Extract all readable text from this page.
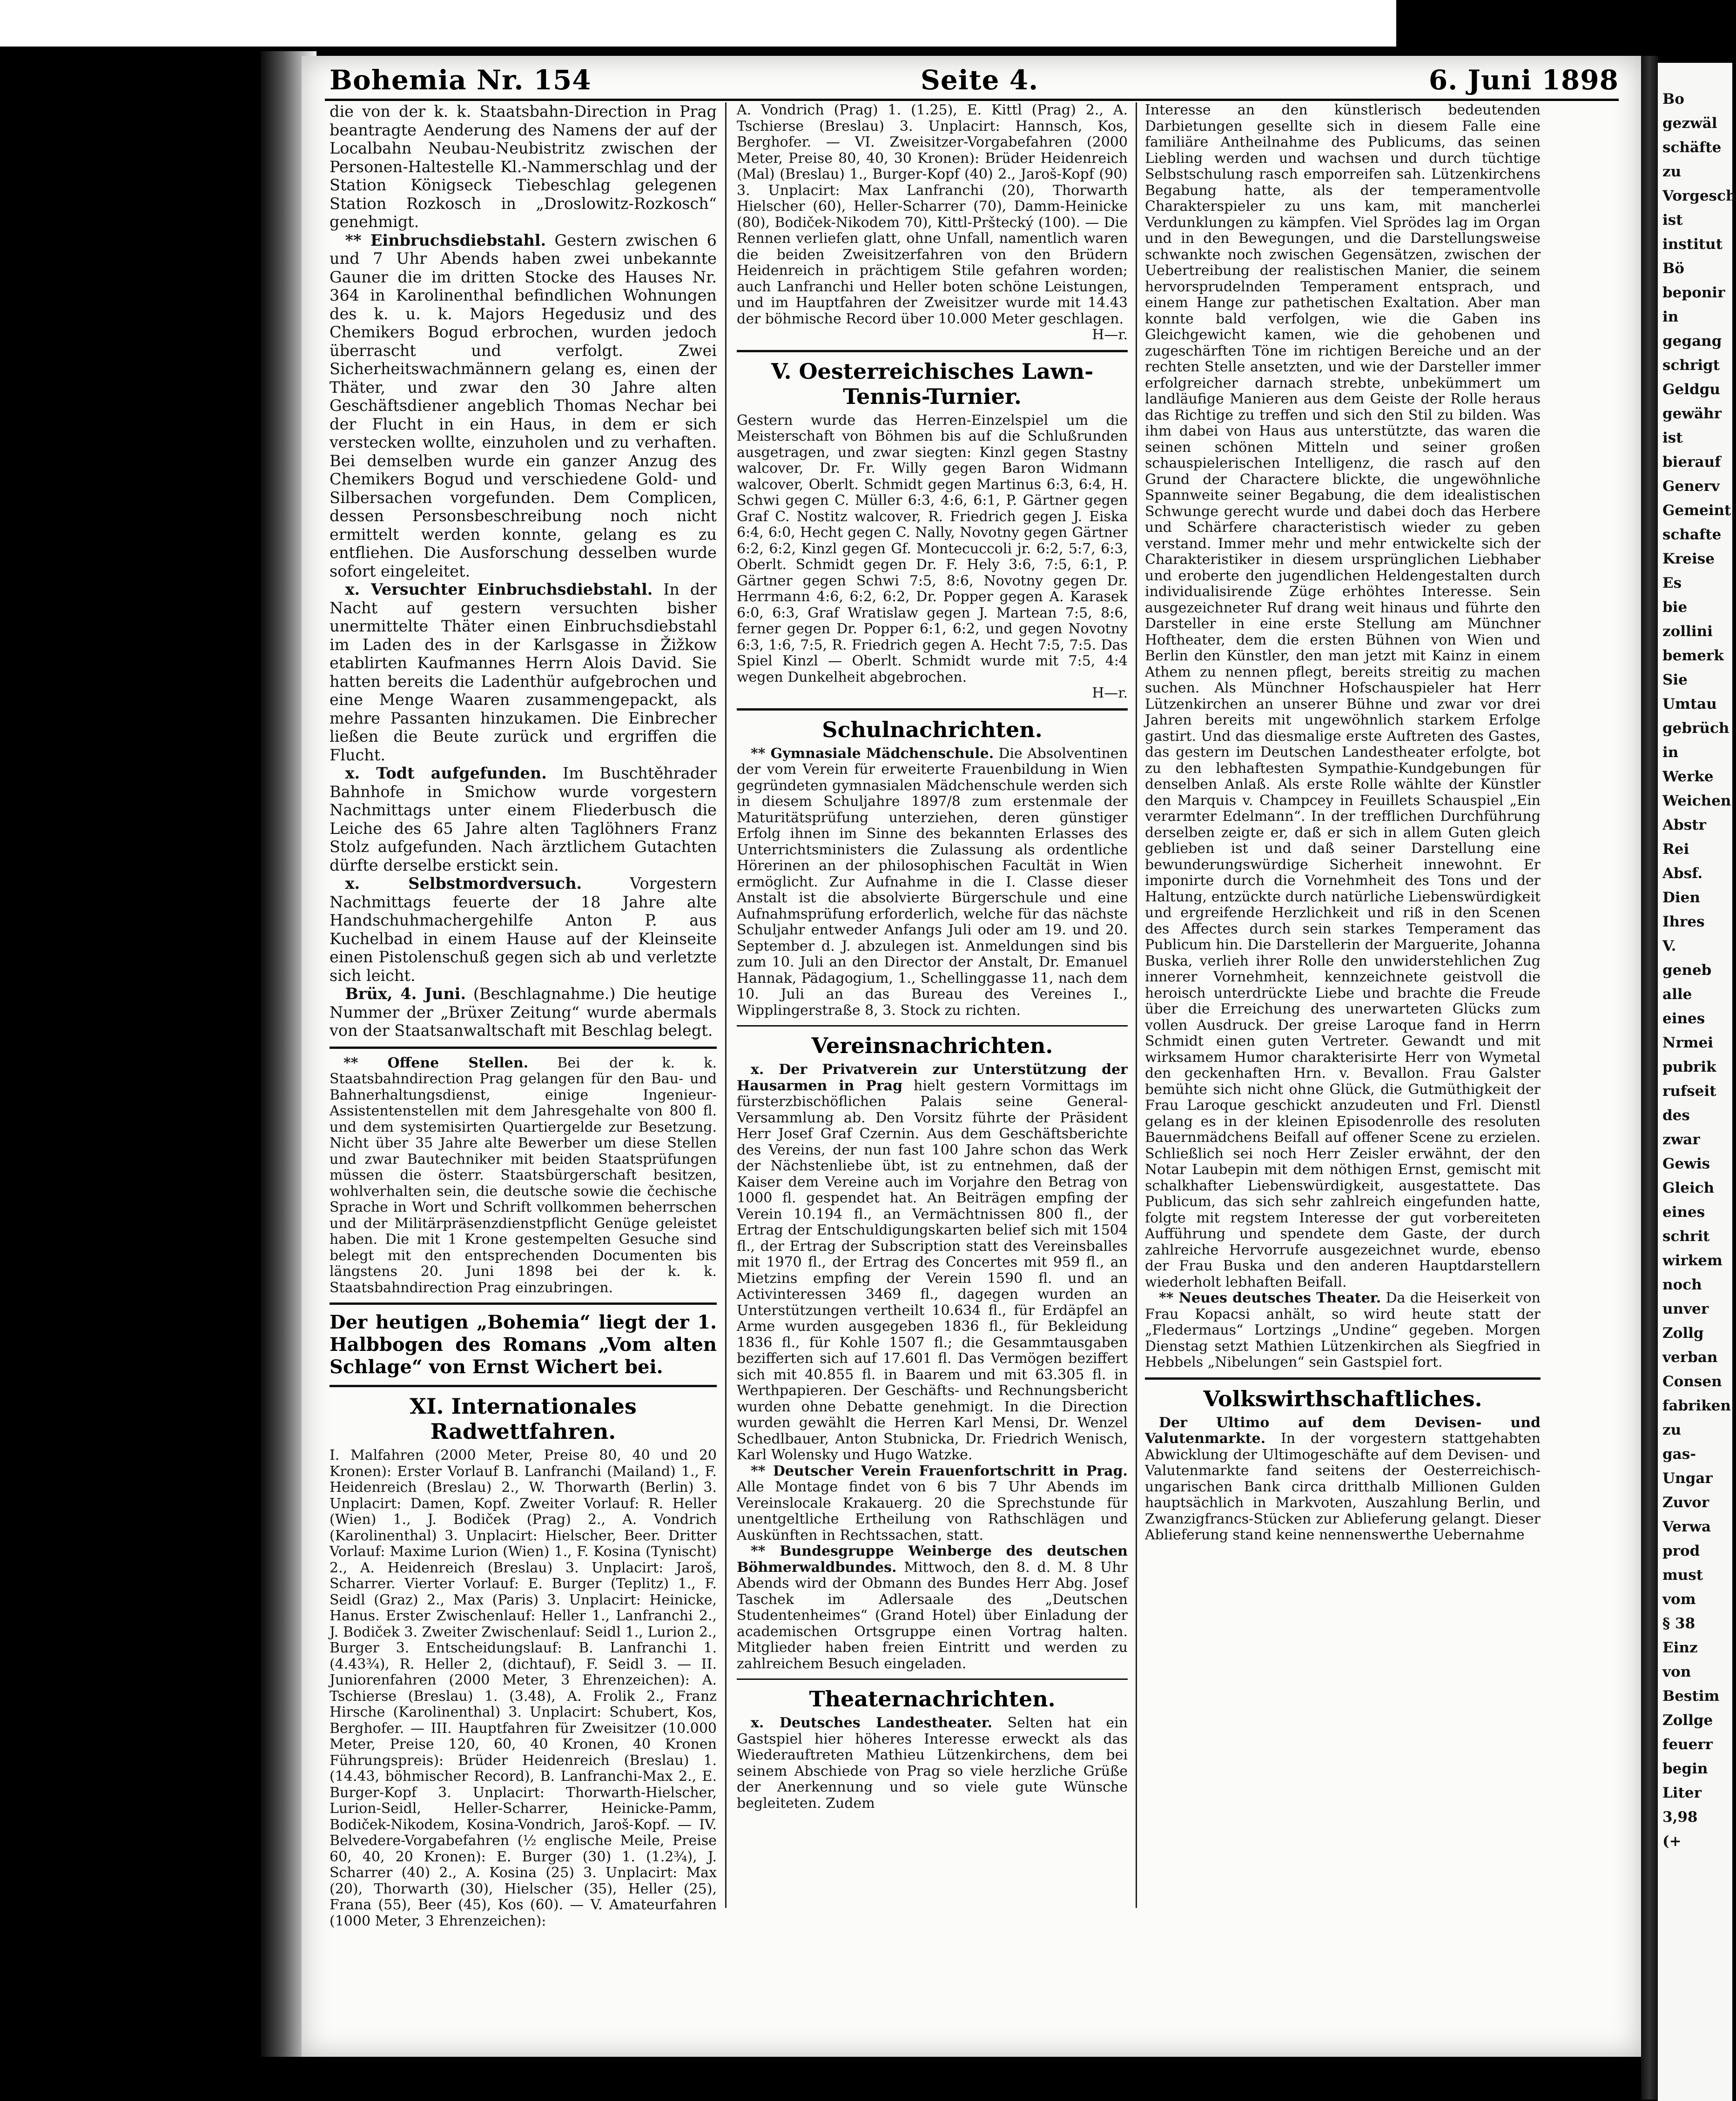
Bohemia Nr. 154	Seite 4.	6. Juni 1898

die von der k. k. Staatsbahn-Direction in Prag beantragte Aenderung des Namens der auf der Localbahn Neubau-Neubistritz zwischen der Personen-Haltestelle Kl.-Nammerschlag und der Station Königseck Tiebeschlag gelegenen Station Rozkosch in „Droslowitz-Rozkosch“ genehmigt.

 ** Einbruchsdiebstahl. Gestern zwischen 6 und 7 Uhr Abends haben zwei unbekannte Gauner die im dritten Stocke des Hauses Nr. 364 in Karolinenthal befindlichen Wohnungen des k. u. k. Majors Hegedusiz und des Chemikers Bogud erbrochen, wurden jedoch überrascht und verfolgt. Zwei Sicherheitswachmännern gelang es, einen der Thäter, und zwar den 30 Jahre alten Geschäftsdiener angeblich Thomas Nechar bei der Flucht in ein Haus, in dem er sich verstecken wollte, einzuholen und zu verhaften. Bei demselben wurde ein ganzer Anzug des Chemikers Bogud und verschiedene Gold- und Silbersachen vorgefunden. Dem Complicen, dessen Personsbeschreibung noch nicht ermittelt werden konnte, gelang es zu entfliehen. Die Ausforschung desselben wurde sofort eingeleitet.

 x. Versuchter Einbruchsdiebstahl. In der Nacht auf gestern versuchten bisher unermittelte Thäter einen Einbruchsdiebstahl im Laden des in der Karlsgasse in Žižkow etablirten Kaufmannes Herrn Alois David. Sie hatten bereits die Ladenthür aufgebrochen und eine Menge Waaren zusammengepackt, als mehre Passanten hinzukamen. Die Einbrecher ließen die Beute zurück und ergriffen die Flucht.

 x. Todt aufgefunden. Im Buschtěhrader Bahnhofe in Smichow wurde vorgestern Nachmittags unter einem Fliederbusch die Leiche des 65 Jahre alten Taglöhners Franz Stolz aufgefunden. Nach ärztlichem Gutachten dürfte derselbe erstickt sein.

 x. Selbstmordversuch.	Vorgestern Nachmittags feuerte der 18 Jahre alte Handschuhmachergehilfe Anton P. aus Kuchelbad in einem Hause auf der Kleinseite einen Pistolenschuß gegen sich ab und verletzte sich leicht.

 Brüx, 4. Juni. (Beschlagnahme.) Die heutige Nummer der „Brüxer Zeitung“ wurde abermals von der Staatsanwaltschaft mit Beschlag belegt.

 ** Offene Stellen. Bei der k. k. Staatsbahndirection Prag gelangen für den Bau- und Bahnerhaltungsdienst, einige Ingenieur-Assistentenstellen mit dem Jahresgehalte von 800 fl. und dem systemisirten Quartiergelde zur Besetzung. Nicht über 35 Jahre alte Bewerber um diese Stellen und zwar Bautechniker mit beiden Staatsprüfungen müssen die österr. Staatsbürgerschaft besitzen, wohlverhalten sein, die deutsche sowie die čechische Sprache in Wort und Schrift vollkommen beherrschen und der Militärpräsenzdienstpflicht Genüge geleistet haben. Die mit 1 Krone gestempelten Gesuche sind belegt mit den entsprechenden Documenten bis längstens 20. Juni 1898 bei der k. k. Staatsbahndirection Prag einzubringen.

Der heutigen „Bohemia“ liegt der 1. Halbbogen des Romans „Vom alten Schlage“ von Ernst Wichert bei.

XI. Internationales Radwettfahren.

I. Malfahren (2000 Meter, Preise 80, 40 und 20 Kronen): Erster Vorlauf B. Lanfranchi (Mailand) 1., F. Heidenreich (Breslau) 2., W. Thorwarth (Berlin) 3. Unplacirt: Damen, Kopf. Zweiter Vorlauf: R. Heller (Wien) 1., J. Bodiček (Prag) 2., A. Vondrich (Karolinenthal) 3. Unplacirt: Hielscher, Beer. Dritter Vorlauf: Maxime Lurion (Wien) 1., F. Kosina (Tynischt) 2., A. Heidenreich (Breslau) 3. Unplacirt: Jaroš, Scharrer. Vierter Vorlauf: E. Burger (Teplitz) 1., F. Seidl (Graz) 2., Max (Paris) 3. Unplacirt: Heinicke, Hanus. Erster Zwischenlauf: Heller 1., Lanfranchi 2., J. Bodiček 3. Zweiter Zwischenlauf: Seidl 1., Lurion 2., Burger 3. Entscheidungslauf: B. Lanfranchi 1. (4.43¾), R. Heller 2, (dichtauf), F. Seidl 3. — II. Juniorenfahren (2000 Meter, 3 Ehrenzeichen): A. Tschierse (Breslau) 1. (3.48), A. Frolik 2., Franz Hirsche (Karolinenthal) 3. Unplacirt: Schubert, Kos, Berghofer. — III. Hauptfahren für Zweisitzer (10.000 Meter, Preise 120, 60, 40 Kronen, 40 Kronen Führungspreis): Brüder Heidenreich (Breslau) 1. (14.43, böhmischer Record), B. Lanfranchi-Max 2., E. Burger-Kopf 3. Unplacirt: Thorwarth-Hielscher, Lurion-Seidl, Heller-Scharrer, Heinicke-Pamm, Bodiček-Nikodem, Kosina-Vondrich, Jaroš-Kopf. — IV. Belvedere-Vorgabefahren (½ englische Meile, Preise 60, 40, 20 Kronen): E. Burger (30) 1. (1.2¾), J. Scharrer (40) 2., A. Kosina (25) 3. Unplacirt: Max (20), Thorwarth (30), Hielscher (35), Heller (25), Frana (55), Beer (45), Kos (60). — V. Amateurfahren (1000 Meter, 3 Ehrenzeichen):

A. Vondrich (Prag) 1. (1.25), E. Kittl (Prag) 2., A. Tschierse (Breslau) 3. Unplacirt: Hannsch, Kos, Berghofer. — VI. Zweisitzer-Vorgabefahren (2000 Meter, Preise 80, 40, 30 Kronen): Brüder Heidenreich (Mal) (Breslau) 1., Burger-Kopf (40) 2., Jaroš-Kopf (90) 3. Unplacirt: Max Lanfranchi (20), Thorwarth Hielscher (60), Heller-Scharrer (70), Damm-Heinicke (80), Bodiček-Nikodem 70), Kittl-Prštecký (100). — Die Rennen verliefen glatt, ohne Unfall, namentlich waren die beiden Zweisitzerfahren von den Brüdern Heidenreich in prächtigem Stile gefahren worden; auch Lanfranchi und Heller boten schöne Leistungen, und im Hauptfahren der Zweisitzer wurde mit 14.43 der böhmische Record über 10.000 Meter geschlagen.

H—r.

V. Oesterreichisches Lawn-Tennis-Turnier.

Gestern wurde das Herren-Einzelspiel um die Meisterschaft von Böhmen bis auf die Schlußrunden ausgetragen, und zwar siegten: Kinzl gegen Stastny walcover, Dr. Fr. Willy gegen Baron Widmann walcover, Oberlt. Schmidt gegen Martinus 6:3, 6:4, H. Schwi gegen C. Müller 6:3, 4:6, 6:1, P. Gärtner gegen Graf C. Nostitz walcover, R. Friedrich gegen J. Eiska 6:4, 6:0, Hecht gegen C. Nally, Novotny gegen Gärtner 6:2, 6:2, Kinzl gegen Gf. Montecuccoli jr. 6:2, 5:7, 6:3, Oberlt. Schmidt gegen Dr. F. Hely 3:6, 7:5, 6:1, P. Gärtner gegen Schwi 7:5, 8:6, Novotny gegen Dr. Herrmann 4:6, 6:2, 6:2, Dr. Popper gegen A. Karasek 6:0, 6:3, Graf Wratislaw gegen J. Martean 7:5, 8:6, ferner gegen Dr. Popper 6:1, 6:2, und gegen Novotny 6:3, 1:6, 7:5, R. Friedrich gegen A. Hecht 7:5, 7:5. Das Spiel Kinzl — Oberlt. Schmidt wurde mit 7:5, 4:4 wegen Dunkelheit abgebrochen.

H—r.

Schulnachrichten.

 ** Gymnasiale Mädchenschule. Die Absolventinen der vom Verein für erweiterte Frauenbildung in Wien gegründeten gymnasialen Mädchenschule werden sich in diesem Schuljahre 1897/8 zum erstenmale der Maturitätsprüfung unterziehen, deren günstiger Erfolg ihnen im Sinne des bekannten Erlasses des Unterrichtsministers die Zulassung als ordentliche Hörerinen an der philosophischen Facultät in Wien ermöglicht. Zur Aufnahme in die I. Classe dieser Anstalt ist die absolvierte Bürgerschule und eine Aufnahmsprüfung erforderlich, welche für das nächste Schuljahr entweder Anfangs Juli oder am 19. und 20. September d. J. abzulegen ist. Anmeldungen sind bis zum 10. Juli an den Director der Anstalt, Dr. Emanuel Hannak, Pädagogium, 1., Schellinggasse 11, nach dem 10. Juli an das Bureau des Vereines I., Wipplingerstraße 8, 3. Stock zu richten.

Vereinsnachrichten.

 x. Der Privatverein zur Unterstützung der Hausarmen in Prag hielt gestern Vormittags im fürsterzbischöflichen Palais seine General-Versammlung ab. Den Vorsitz führte der Präsident Herr Josef Graf Czernin. Aus dem Geschäftsberichte des Vereins, der nun fast 100 Jahre schon das Werk der Nächstenliebe übt, ist zu entnehmen, daß der Kaiser dem Vereine auch im Vorjahre den Betrag von 1000 fl. gespendet hat. An Beiträgen empfing der Verein 10.194 fl., an Vermächtnissen 800 fl., der Ertrag der Entschuldigungskarten belief sich mit 1504 fl., der Ertrag der Subscription statt des Vereinsballes mit 1970 fl., der Ertrag des Concertes mit 959 fl., an Mietzins empfing der Verein 1590 fl. und an Activinteressen 3469 fl., dagegen wurden an Unterstützungen vertheilt 10.634 fl., für Erdäpfel an Arme wurden ausgegeben 1836 fl., für Bekleidung 1836 fl., für Kohle 1507 fl.; die Gesammtausgaben bezifferten sich auf 17.601 fl. Das Vermögen beziffert sich mit 40.855 fl. in Baarem und mit 63.305 fl. in Werthpapieren. Der Geschäfts- und Rechnungsbericht wurden ohne Debatte genehmigt. In die Direction wurden gewählt die Herren Karl Mensi, Dr. Wenzel Schedlbauer, Anton Stubnicka, Dr. Friedrich Wenisch, Karl Wolensky und Hugo Watzke.

 ** Deutscher Verein Frauenfortschritt in Prag. Alle Montage findet von 6 bis 7 Uhr Abends im Vereinslocale Krakauerg. 20 die Sprechstunde für unentgeltliche Ertheilung von Rathschlägen und Auskünften in Rechtssachen, statt.

 ** Bundesgruppe Weinberge des deutschen Böhmerwaldbundes. Mittwoch, den 8. d. M. 8 Uhr Abends wird der Obmann des Bundes Herr Abg. Josef Taschek im Adlersaale des „Deutschen Studentenheimes“ (Grand Hotel) über Einladung der academischen Ortsgruppe einen Vortrag halten. Mitglieder haben freien Eintritt und werden zu zahlreichem Besuch eingeladen.

Theaternachrichten.

 x. Deutsches Landestheater. Selten hat ein Gastspiel hier höheres Interesse erweckt als das Wiederauftreten Mathieu Lützenkirchens, dem bei seinem Abschiede von Prag so viele herzliche Grüße der Anerkennung und so viele gute Wünsche begleiteten. Zudem

Interesse an den künstlerisch bedeutenden Darbietungen gesellte sich in diesem Falle eine familiäre Antheilnahme des Publicums, das seinen Liebling werden und wachsen und durch tüchtige Selbstschulung rasch emporreifen sah. Lützenkirchens Begabung hatte, als der temperamentvolle Charakterspieler zu uns kam, mit mancherlei Verdunklungen zu kämpfen. Viel Sprödes lag im Organ und in den Bewegungen, und die Darstellungsweise schwankte noch zwischen Gegensätzen, zwischen der Uebertreibung der realistischen Manier, die seinem hervorsprudelnden Temperament entsprach, und einem Hange zur pathetischen Exaltation. Aber man konnte bald verfolgen, wie die Gaben ins Gleichgewicht kamen, wie die gehobenen und zugeschärften Töne im richtigen Bereiche und an der rechten Stelle ansetzten, und wie der Darsteller immer erfolgreicher darnach strebte, unbekümmert um landläufige Manieren aus dem Geiste der Rolle heraus das Richtige zu treffen und sich den Stil zu bilden. Was ihm dabei von Haus aus unterstützte, das waren die seinen schönen Mitteln und seiner großen schauspielerischen Intelligenz, die rasch auf den Grund der Charactere blickte, die ungewöhnliche Spannweite seiner Begabung, die dem idealistischen Schwunge gerecht wurde und dabei doch das Herbere und Schärfere characteristisch wieder zu geben verstand. Immer mehr und mehr entwickelte sich der Charakteristiker in diesem ursprünglichen Liebhaber und eroberte den jugendlichen Heldengestalten durch individualisirende Züge erhöhtes Interesse. Sein ausgezeichneter Ruf drang weit hinaus und führte den Darsteller in eine erste Stellung am Münchner Hoftheater, dem die ersten Bühnen von Wien und Berlin den Künstler, den man jetzt mit Kainz in einem Athem zu nennen pflegt, bereits streitig zu machen suchen. Als Münchner Hofschauspieler hat Herr Lützenkirchen an unserer Bühne und zwar vor drei Jahren bereits mit ungewöhnlich starkem Erfolge gastirt. Und das diesmalige erste Auftreten des Gastes, das gestern im Deutschen Landestheater erfolgte, bot zu den lebhaftesten Sympathie-Kundgebungen für denselben Anlaß. Als erste Rolle wählte der Künstler den Marquis v. Champcey in Feuillets Schauspiel „Ein verarmter Edelmann“. In der trefflichen Durchführung derselben zeigte er, daß er sich in allem Guten gleich geblieben ist und daß seiner Darstellung eine bewunderungswürdige Sicherheit innewohnt. Er imponirte durch die Vornehmheit des Tons und der Haltung, entzückte durch natürliche Liebenswürdigkeit und ergreifende Herzlichkeit und riß in den Scenen des Affectes durch sein starkes Temperament das Publicum hin. Die Darstellerin der Marguerite, Johanna Buska, verlieh ihrer Rolle den unwiderstehlichen Zug innerer Vornehmheit, kennzeichnete geistvoll die heroisch unterdrückte Liebe und brachte die Freude über die Erreichung des unerwarteten Glücks zum vollen Ausdruck. Der greise Laroque fand in Herrn Schmidt einen guten Vertreter. Gewandt und mit wirksamem Humor charakterisirte Herr von Wymetal den geckenhaften Hrn. v. Bevallon. Frau Galster bemühte sich nicht ohne Glück, die Gutmüthigkeit der Frau Laroque geschickt anzudeuten und Frl. Dienstl gelang es in der kleinen Episodenrolle des resoluten Bauernmädchens Beifall auf offener Scene zu erzielen. Schließlich sei noch Herr Zeisler erwähnt, der den Notar Laubepin mit dem nöthigen Ernst, gemischt mit schalkhafter Liebenswürdigkeit, ausgestattete. Das Publicum, das sich sehr zahlreich eingefunden hatte, folgte mit regstem Interesse der gut vorbereiteten Aufführung und spendete dem Gaste, der durch zahlreiche Hervorrufe ausgezeichnet wurde, ebenso der Frau Buska und den anderen Hauptdarstellern wiederholt lebhaften Beifall.

 ** Neues deutsches Theater. Da die Heiserkeit von Frau Kopacsi anhält, so wird heute statt der „Fledermaus“ Lortzings „Undine“ gegeben. Morgen Dienstag setzt Mathien Lützenkirchen als Siegfried in Hebbels „Nibelungen“ sein Gastspiel fort.

Volkswirthschaftliches.

 Der Ultimo auf dem Devisen- und Valutenmarkte. In der vorgestern stattgehabten Abwicklung der Ultimogeschäfte auf dem Devisen- und Valutenmarkte fand seitens der Oesterreichisch-ungarischen Bank circa dritthalb Millionen Gulden hauptsächlich in Markvoten, Auszahlung Berlin, und Zwanzigfrancs-Stücken zur Ablieferung gelangt. Dieser Ablieferung stand keine nennenswerthe Uebernahme

Bo
gezwäl
schäfte
zu
Vorgesch
ist
institut
Bö
beponir
in
gegang
schrigt
Geldgu
gewähr
ist
bierauf
Generv
Gemeint
schafte
Kreise
Es
bie
zollini
bemerk
Sie
Umtau
gebrüch
in
Werke
Weichen
Abstr
Rei
Absf.
Dien
Ihres
V.
geneb
alle
eines
Nrmei
pubrik
rufseit
des
zwar
Gewis
Gleich
eines
schrit
wirkem
noch
unver
Zollg
verban
Consen
fabriken
zu
gas-
Ungar
Zuvor
Verwa
prod
must
vom
§ 38
Einz
von
Bestim
Zollge
feuerr
begin
Liter
3,98
(+
